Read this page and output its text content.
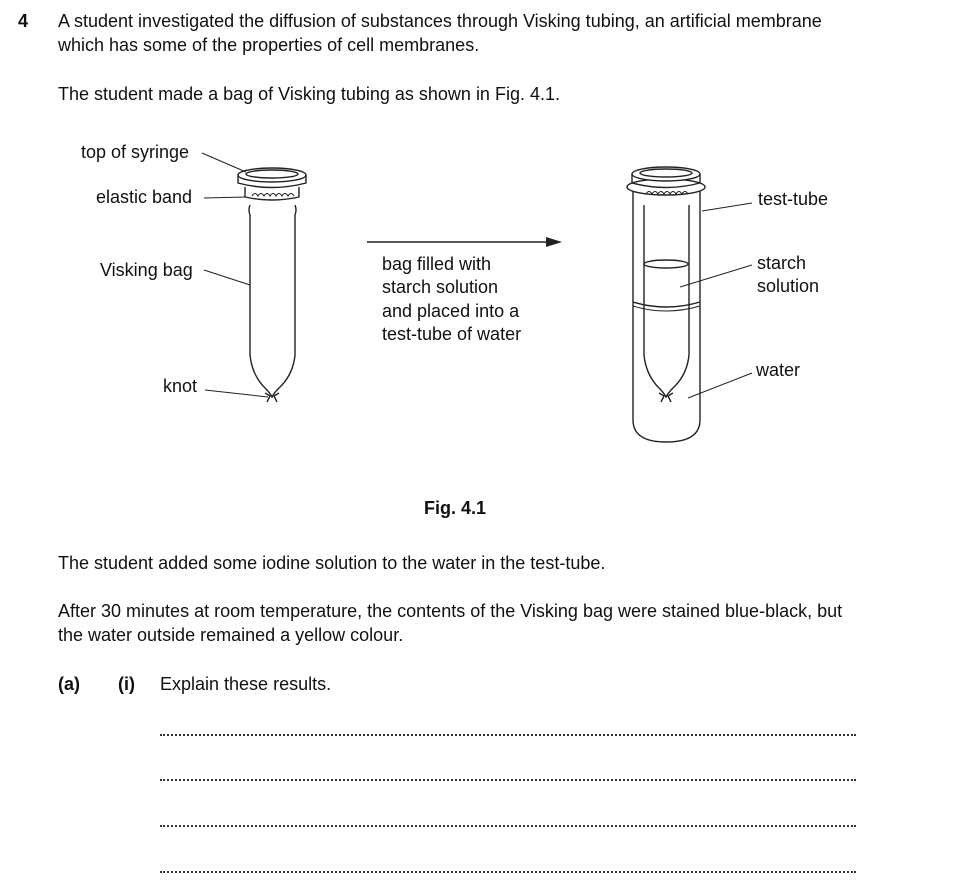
4 A student investigated the diffusion of substances through Visking tubing, an artificial membrane

which has some of the properties of cell membranes.

The student made a bag of Visking tubing as shown in Fig. 4.1.

top of syringe
elastic band
Visking bag
knot
bag filled with
starch solution
and placed into a
test-tube of water
test-tube
starch
solution
water

Fig. 4.1

The student added some iodine solution to the water in the test-tube.

After 30 minutes at room temperature, the contents of the Visking bag were stained blue-black, but

the water outside remained a yellow colour.

(a) (i) Explain these results.
